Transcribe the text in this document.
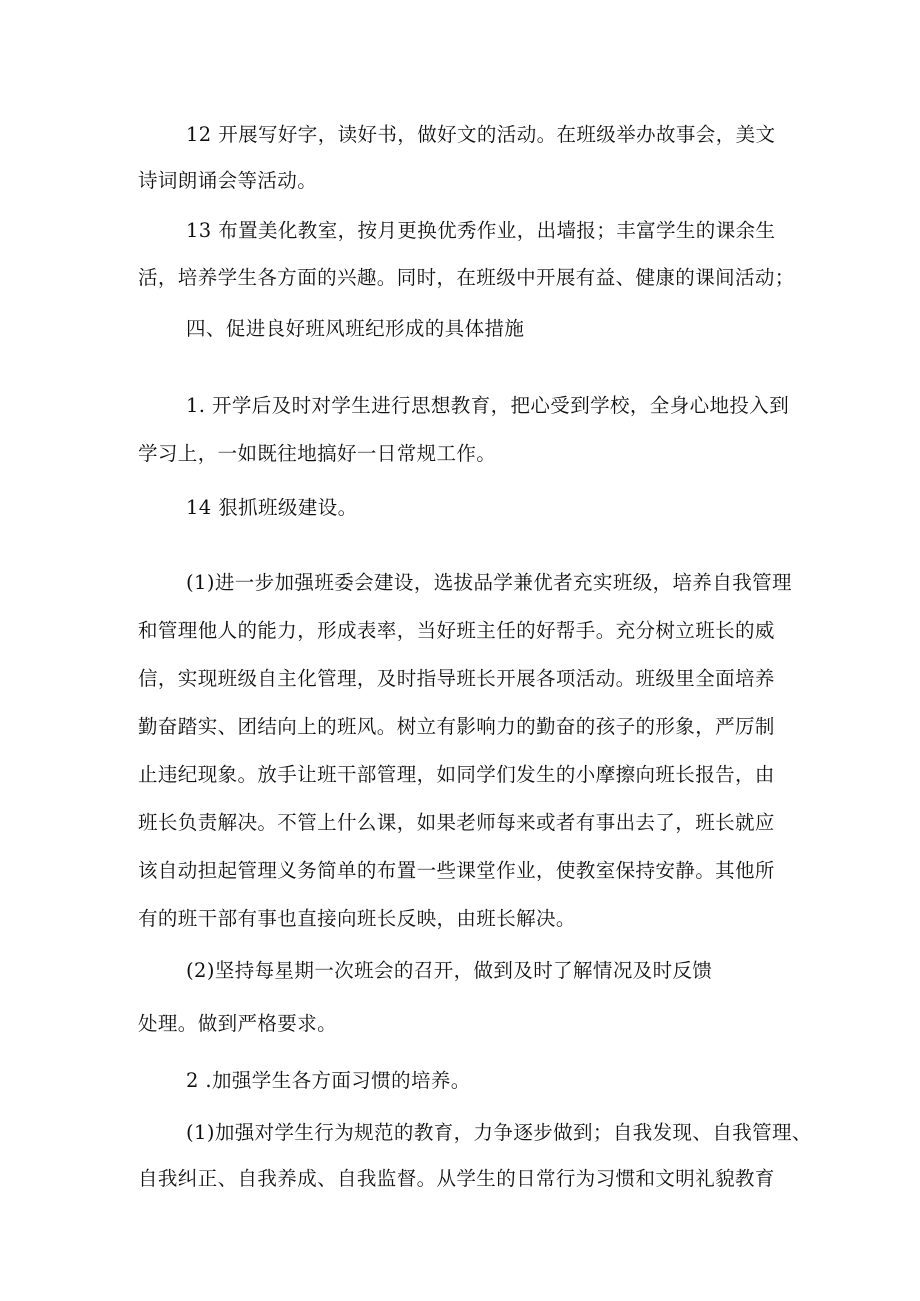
12 开展写好字，读好书，做好文的活动。在班级举办故事会，美文
诗词朗诵会等活动。
13 布置美化教室，按月更换优秀作业，出墙报；丰富学生的课余生
活，培养学生各方面的兴趣。同时，在班级中开展有益、健康的课间活动；
四、促进良好班风班纪形成的具体措施
1. 开学后及时对学生进行思想教育，把心受到学校，全身心地投入到
学习上，一如既往地搞好一日常规工作。
14 狠抓班级建设。
(1)进一步加强班委会建设，选拔品学兼优者充实班级，培养自我管理
和管理他人的能力，形成表率，当好班主任的好帮手。充分树立班长的威
信，实现班级自主化管理，及时指导班长开展各项活动。班级里全面培养
勤奋踏实、团结向上的班风。树立有影响力的勤奋的孩子的形象，严厉制
止违纪现象。放手让班干部管理，如同学们发生的小摩擦向班长报告，由
班长负责解决。不管上什么课，如果老师每来或者有事出去了，班长就应
该自动担起管理义务简单的布置一些课堂作业，使教室保持安静。其他所
有的班干部有事也直接向班长反映，由班长解决。
(2)坚持每星期一次班会的召开，做到及时了解情况及时反馈
处理。做到严格要求。
2 .加强学生各方面习惯的培养。
(1)加强对学生行为规范的教育，力争逐步做到；自我发现、自我管理、
自我纠正、自我养成、自我监督。从学生的日常行为习惯和文明礼貌教育
